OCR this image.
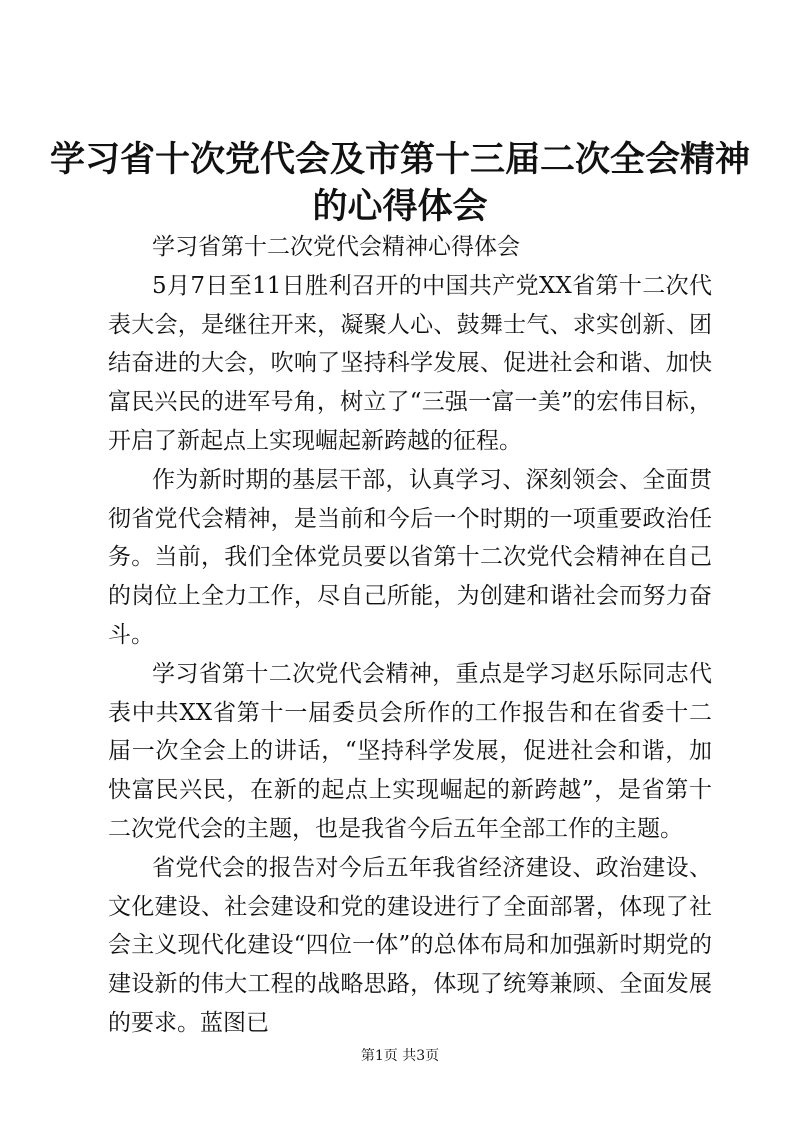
学习省十次党代会及市第十三届二次全会精神
的心得体会

学习省第十二次党代会精神心得体会

5月7日至11日胜利召开的中国共产党XX省第十二次代表大会，是继往开来，凝聚人心、鼓舞士气、求实创新、团结奋进的大会，吹响了坚持科学发展、促进社会和谐、加快富民兴民的进军号角，树立了“三强一富一美”的宏伟目标，开启了新起点上实现崛起新跨越的征程。

作为新时期的基层干部，认真学习、深刻领会、全面贯彻省党代会精神，是当前和今后一个时期的一项重要政治任务。当前，我们全体党员要以省第十二次党代会精神在自己的岗位上全力工作，尽自己所能，为创建和谐社会而努力奋斗。

学习省第十二次党代会精神，重点是学习赵乐际同志代表中共XX省第十一届委员会所作的工作报告和在省委十二届一次全会上的讲话，“坚持科学发展，促进社会和谐，加快富民兴民，在新的起点上实现崛起的新跨越”，是省第十二次党代会的主题，也是我省今后五年全部工作的主题。

省党代会的报告对今后五年我省经济建设、政治建设、文化建设、社会建设和党的建设进行了全面部署，体现了社会主义现代化建设“四位一体”的总体布局和加强新时期党的建设新的伟大工程的战略思路，体现了统筹兼顾、全面发展的要求。蓝图已

第1页 共3页
